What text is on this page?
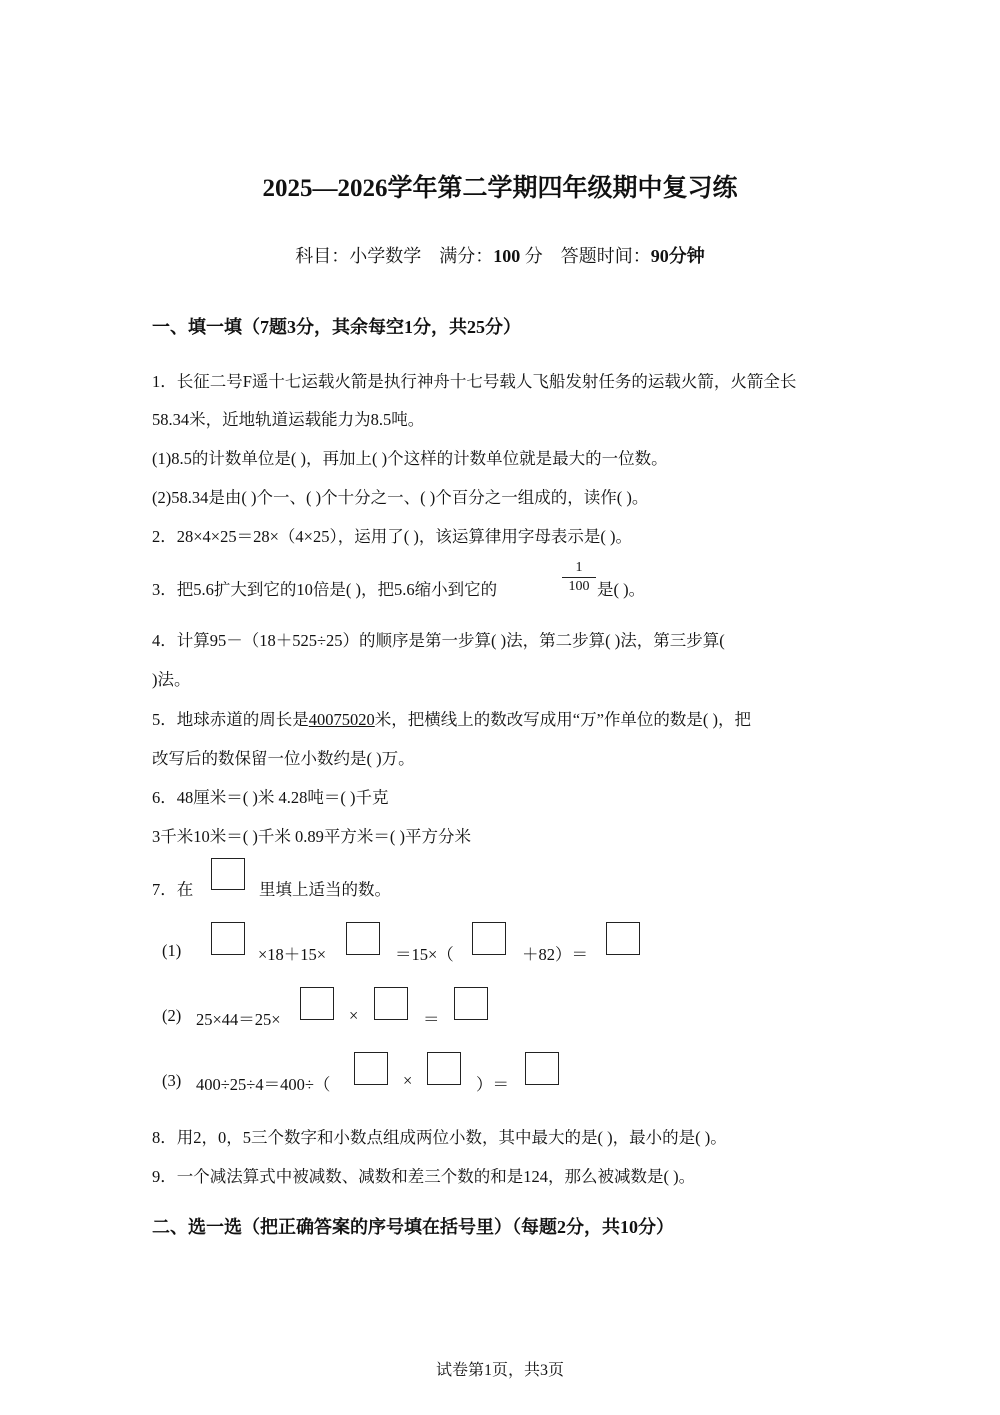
2025—2026学年第二学期四年级期中复习练
科目：小学数学 满分：100 分 答题时间：90分钟
一、填一填（7题3分，其余每空1分，共25分）
1．长征二号F遥十七运载火箭是执行神舟十七号载人飞船发射任务的运载火箭，火箭全长
58.34米，近地轨道运载能力为8.5吨。
(1)8.5的计数单位是( )，再加上( )个这样的计数单位就是最大的一位数。
(2)58.34是由( )个一、( )个十分之一、( )个百分之一组成的，读作( )。
2．28×4×25＝28×（4×25），运用了( )，该运算律用字母表示是( )。
3．把5.6扩大到它的10倍是( )，把5.6缩小到它的	$\frac{1}{100}$ 是( )。
4．计算95－（18＋525÷25）的顺序是第一步算( )法，第二步算( )法，第三步算(
)法。
5．地球赤道的周长是40075020米，把横线上的数改写成用“万”作单位的数是( )，把
改写后的数保留一位小数约是( )万。
6．48厘米＝( )米 4.28吨＝( )千克
3千米10米＝( )千米 0.89平方米＝( )平方分米
7．在	里填上适当的数。
(1)	×18＋15×	＝15×（	＋82）＝
(2) 25×44＝25×	×	＝
(3) 400÷25÷4＝400÷（	×	）＝
8．用2，0，5三个数字和小数点组成两位小数，其中最大的是( )，最小的是( )。
9．一个减法算式中被减数、减数和差三个数的和是124，那么被减数是( )。
二、选一选（把正确答案的序号填在括号里）（每题2分，共10分）
试卷第1页，共3页
